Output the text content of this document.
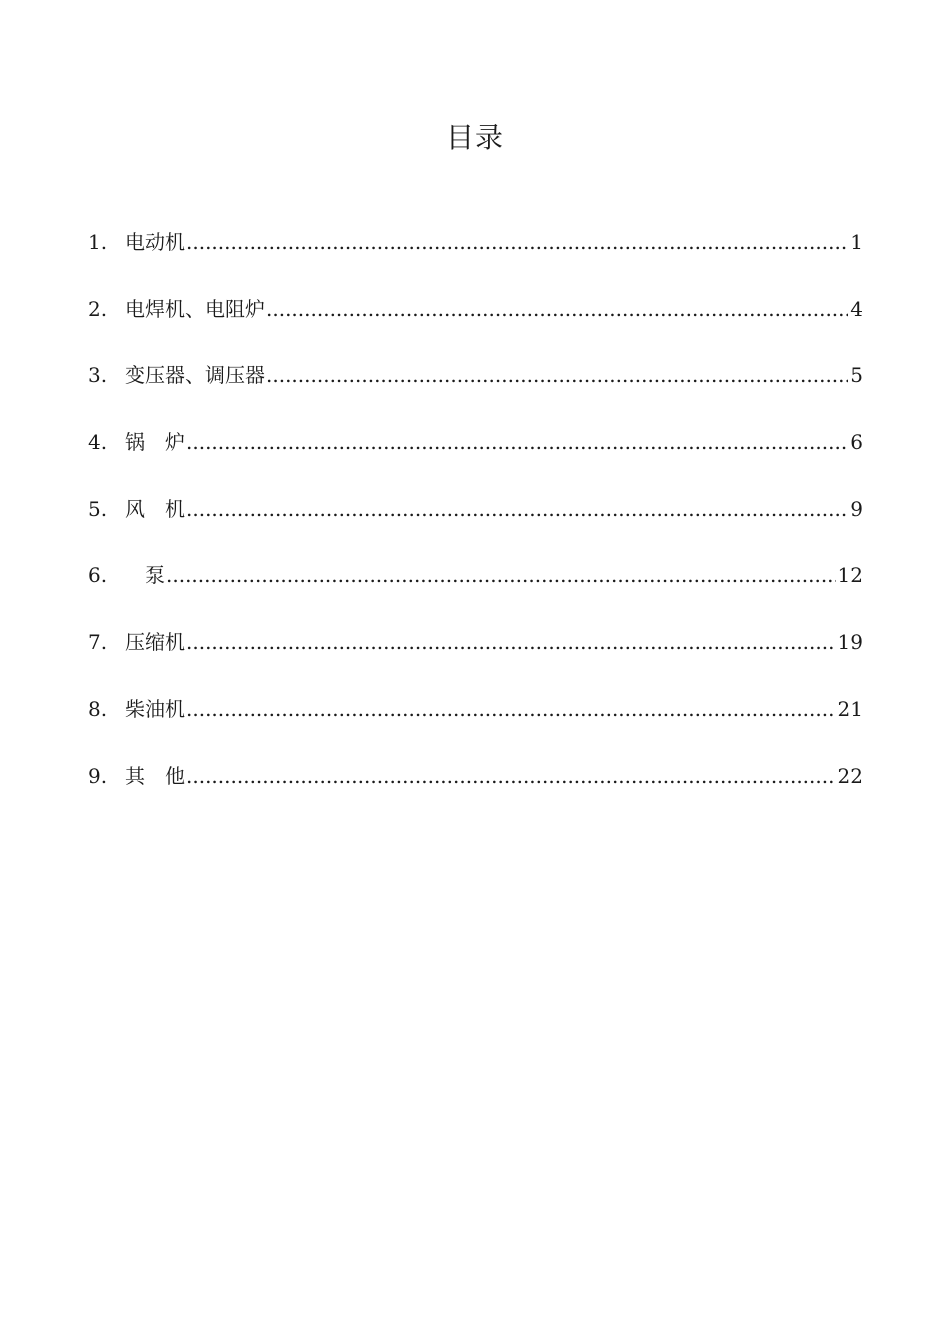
目录
1. 电动机 .....	1
2. 电焊机、电阻炉 .....	4
3. 变压器、调压器 .....	5
4. 锅　炉 .....	6
5. 风　机 .....	9
6. 　泵 .....	12
7. 压缩机 .....	19
8. 柴油机 .....	21
9. 其　他 .....	22
